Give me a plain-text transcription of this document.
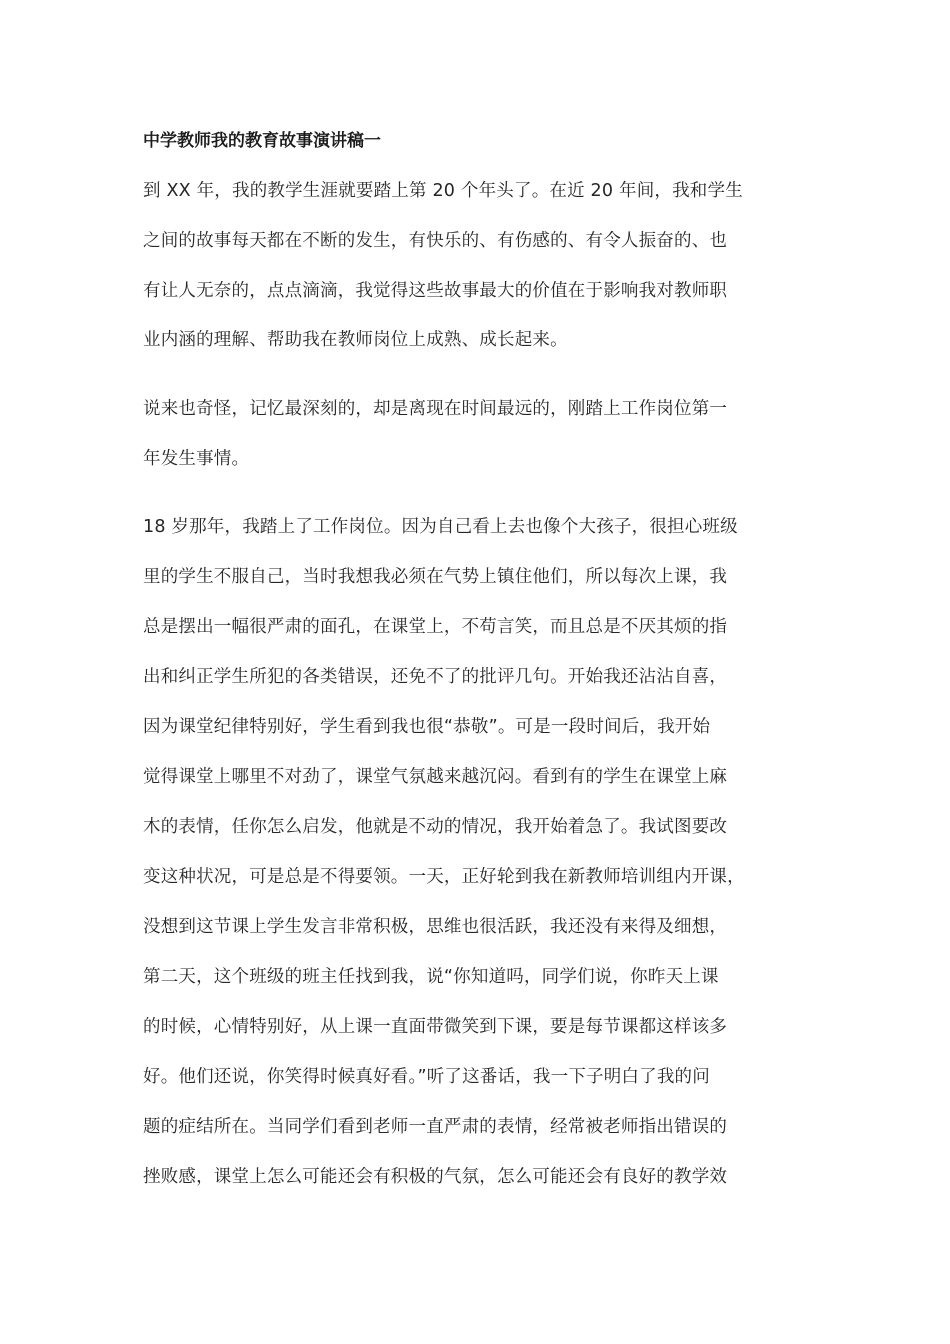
中学教师我的教育故事演讲稿一
到 XX 年，我的教学生涯就要踏上第 20 个年头了。在近 20 年间，我和学生
之间的故事每天都在不断的发生，有快乐的、有伤感的、有令人振奋的、也
有让人无奈的，点点滴滴，我觉得这些故事最大的价值在于影响我对教师职
业内涵的理解、帮助我在教师岗位上成熟、成长起来。
说来也奇怪，记忆最深刻的，却是离现在时间最远的，刚踏上工作岗位第一
年发生事情。
18 岁那年，我踏上了工作岗位。因为自己看上去也像个大孩子，很担心班级
里的学生不服自己，当时我想我必须在气势上镇住他们，所以每次上课，我
总是摆出一幅很严肃的面孔，在课堂上，不苟言笑，而且总是不厌其烦的指
出和纠正学生所犯的各类错误，还免不了的批评几句。开始我还沾沾自喜，
因为课堂纪律特别好，学生看到我也很“恭敬”。可是一段时间后，我开始
觉得课堂上哪里不对劲了，课堂气氛越来越沉闷。看到有的学生在课堂上麻
木的表情，任你怎么启发，他就是不动的情况，我开始着急了。我试图要改
变这种状况，可是总是不得要领。一天，正好轮到我在新教师培训组内开课，
没想到这节课上学生发言非常积极，思维也很活跃，我还没有来得及细想，
第二天，这个班级的班主任找到我，说“你知道吗，同学们说，你昨天上课
的时候，心情特别好，从上课一直面带微笑到下课，要是每节课都这样该多
好。他们还说，你笑得时候真好看。”听了这番话，我一下子明白了我的问
题的症结所在。当同学们看到老师一直严肃的表情，经常被老师指出错误的
挫败感，课堂上怎么可能还会有积极的气氛，怎么可能还会有良好的教学效
